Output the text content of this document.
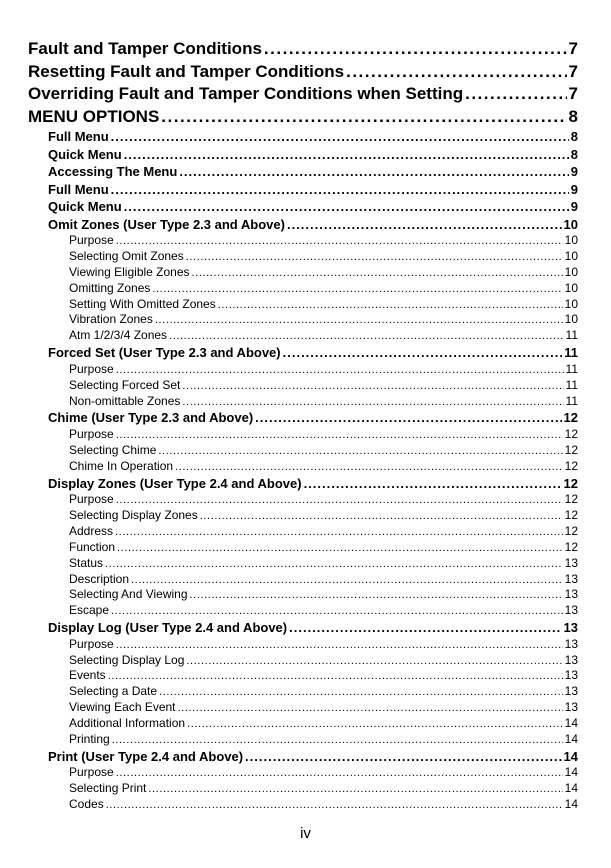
Fault and Tamper Conditions .....	7
Resetting Fault and Tamper Conditions .....	7
Overriding Fault and Tamper Conditions when Setting .....	7
MENU OPTIONS .....	8
Full Menu .....	8
Quick Menu .....	8
Accessing The Menu .....	9
Full Menu .....	9
Quick Menu .....	9
Omit Zones (User Type 2.3 and Above) .....	10
Purpose .....	10
Selecting Omit Zones .....	10
Viewing Eligible Zones .....	10
Omitting Zones .....	10
Setting With Omitted Zones .....	10
Vibration Zones .....	10
Atm 1/2/3/4 Zones .....	11
Forced Set (User Type 2.3 and Above) .....	11
Purpose .....	11
Selecting Forced Set .....	11
Non-omittable Zones .....	11
Chime (User Type 2.3 and Above) .....	12
Purpose .....	12
Selecting Chime .....	12
Chime In Operation .....	12
Display Zones (User Type 2.4 and Above) .....	12
Purpose .....	12
Selecting Display Zones .....	12
Address .....	12
Function .....	12
Status .....	13
Description .....	13
Selecting And Viewing .....	13
Escape .....	13
Display Log (User Type 2.4 and Above) .....	13
Purpose .....	13
Selecting Display Log .....	13
Events .....	13
Selecting a Date .....	13
Viewing Each Event .....	13
Additional Information .....	14
Printing .....	14
Print (User Type 2.4 and Above) .....	14
Purpose .....	14
Selecting Print .....	14
Codes .....	14
iv
